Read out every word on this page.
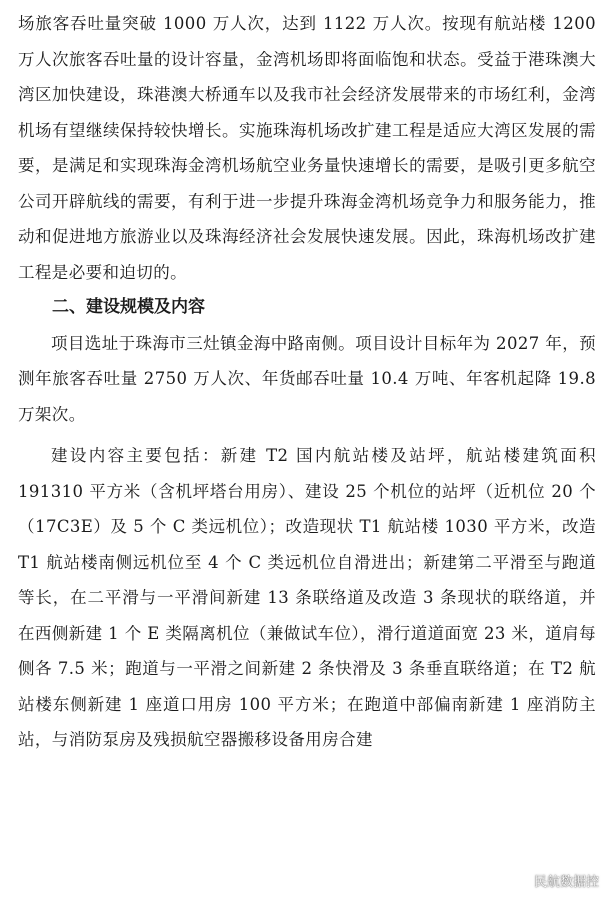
场旅客吞吐量突破 1000 万人次，达到 1122 万人次。按现有航站楼 1200 万人次旅客吞吐量的设计容量，金湾机场即将面临饱和状态。受益于港珠澳大湾区加快建设，珠港澳大桥通车以及我市社会经济发展带来的市场红利，金湾机场有望继续保持较快增长。实施珠海机场改扩建工程是适应大湾区发展的需要，是满足和实现珠海金湾机场航空业务量快速增长的需要，是吸引更多航空公司开辟航线的需要，有利于进一步提升珠海金湾机场竞争力和服务能力，推动和促进地方旅游业以及珠海经济社会发展快速发展。因此，珠海机场改扩建工程是必要和迫切的。

二、建设规模及内容

项目选址于珠海市三灶镇金海中路南侧。项目设计目标年为 2027 年，预测年旅客吞吐量 2750 万人次、年货邮吞吐量 10.4 万吨、年客机起降 19.8 万架次。

建设内容主要包括：新建 T2 国内航站楼及站坪，航站楼建筑面积 191310 平方米（含机坪塔台用房）、建设 25 个机位的站坪（近机位 20 个（17C3E）及 5 个 C 类远机位）；改造现状 T1 航站楼 1030 平方米，改造 T1 航站楼南侧远机位至 4 个 C 类远机位自滑进出；新建第二平滑至与跑道等长，在二平滑与一平滑间新建 13 条联络道及改造 3 条现状的联络道，并在西侧新建 1 个 E 类隔离机位（兼做试车位），滑行道道面宽 23 米，道肩每侧各 7.5 米；跑道与一平滑之间新建 2 条快滑及 3 条垂直联络道；在 T2 航站楼东侧新建 1 座道口用房 100 平方米；在跑道中部偏南新建 1 座消防主站，与消防泵房及残损航空器搬移设备用房合建

民航数据控
